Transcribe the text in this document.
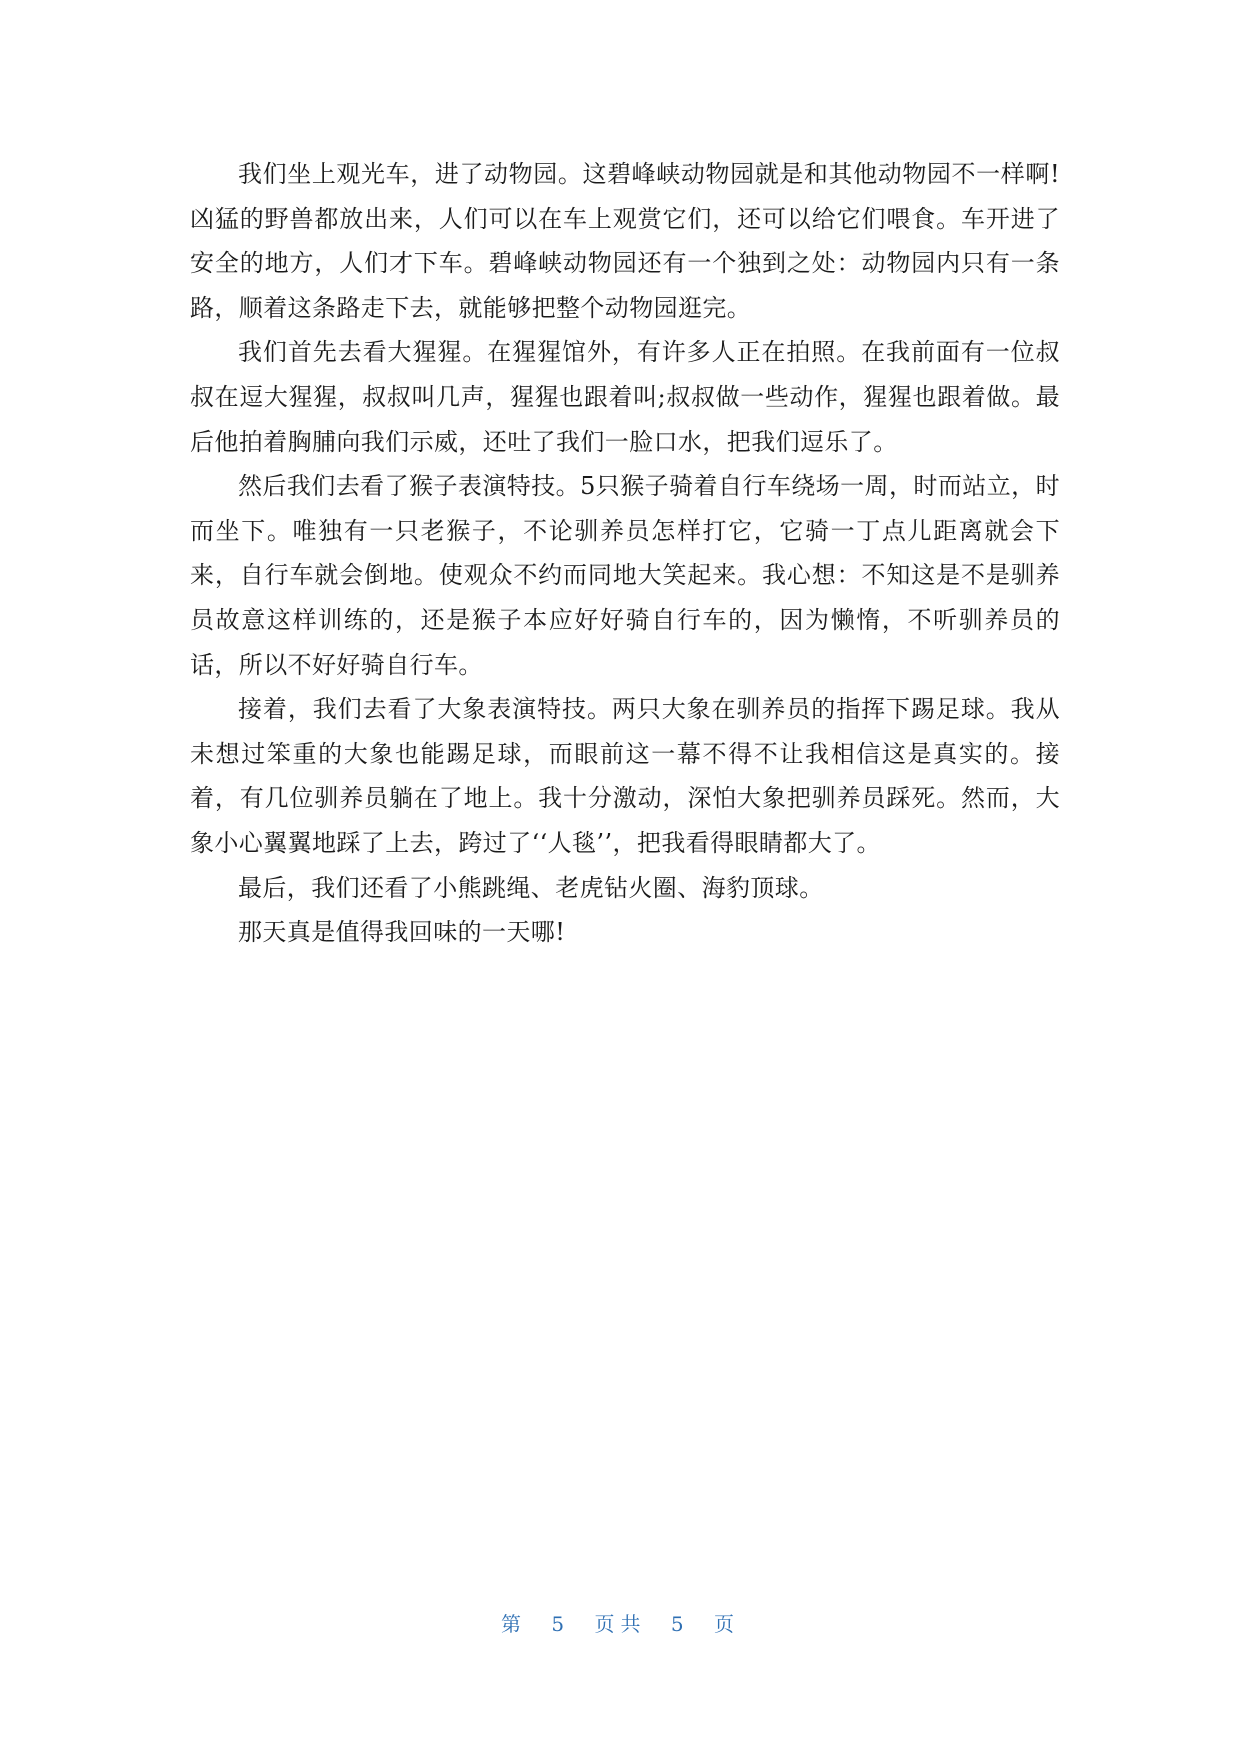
我们坐上观光车，进了动物园。这碧峰峡动物园就是和其他动物园不一样啊!凶猛的野兽都放出来，人们可以在车上观赏它们，还可以给它们喂食。车开进了安全的地方，人们才下车。碧峰峡动物园还有一个独到之处：动物园内只有一条路，顺着这条路走下去，就能够把整个动物园逛完。

我们首先去看大猩猩。在猩猩馆外，有许多人正在拍照。在我前面有一位叔叔在逗大猩猩，叔叔叫几声，猩猩也跟着叫;叔叔做一些动作，猩猩也跟着做。最后他拍着胸脯向我们示威，还吐了我们一脸口水，把我们逗乐了。

然后我们去看了猴子表演特技。5只猴子骑着自行车绕场一周，时而站立，时而坐下。唯独有一只老猴子，不论驯养员怎样打它，它骑一丁点儿距离就会下来，自行车就会倒地。使观众不约而同地大笑起来。我心想：不知这是不是驯养员故意这样训练的，还是猴子本应好好骑自行车的，因为懒惰，不听驯养员的话，所以不好好骑自行车。

接着，我们去看了大象表演特技。两只大象在驯养员的指挥下踢足球。我从未想过笨重的大象也能踢足球，而眼前这一幕不得不让我相信这是真实的。接着，有几位驯养员躺在了地上。我十分激动，深怕大象把驯养员踩死。然而，大象小心翼翼地踩了上去，跨过了‘‘人毯’’，把我看得眼睛都大了。

最后，我们还看了小熊跳绳、老虎钻火圈、海豹顶球。

那天真是值得我回味的一天哪!

第 5 页共 5 页
